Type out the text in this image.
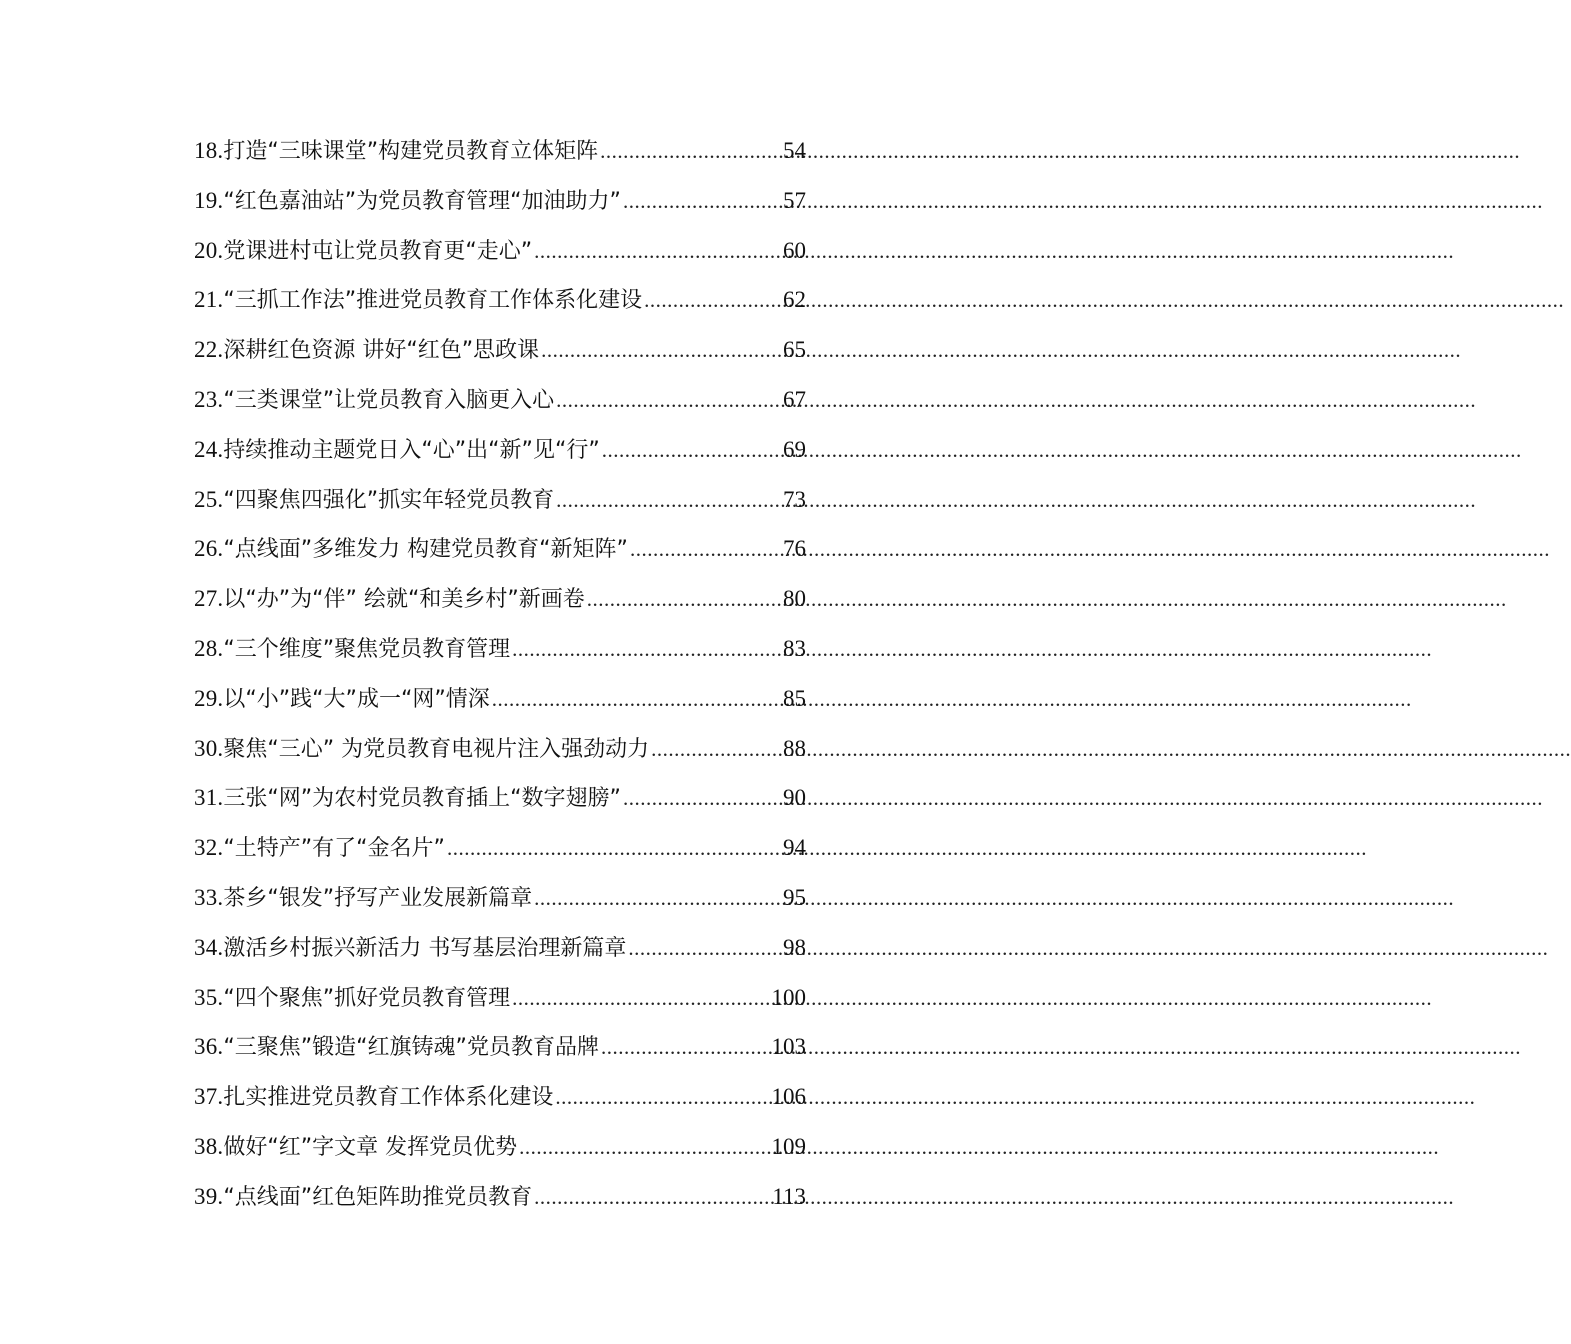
18. 打造“三味课堂”构建党员教育立体矩阵 .....	54
19. “红色嘉油站”为党员教育管理“加油助力” .....	57
20. 党课进村屯让党员教育更“走心” .....	60
21. “三抓工作法”推进党员教育工作体系化建设 .....	62
22. 深耕红色资源 讲好“红色”思政课 .....	65
23. “三类课堂”让党员教育入脑更入心 .....	67
24. 持续推动主题党日入“心”出“新”见“行” .....	69
25. “四聚焦四强化”抓实年轻党员教育 .....	73
26. “点线面”多维发力 构建党员教育“新矩阵” .....	76
27. 以“办”为“伴” 绘就“和美乡村”新画卷 .....	80
28. “三个维度”聚焦党员教育管理 .....	83
29. 以“小”践“大”成一“网”情深 .....	85
30. 聚焦“三心” 为党员教育电视片注入强劲动力 .....	88
31. 三张“网”为农村党员教育插上“数字翅膀” .....	90
32. “土特产”有了“金名片” .....	94
33. 茶乡“银发”抒写产业发展新篇章 .....	95
34. 激活乡村振兴新活力 书写基层治理新篇章 .....	98
35. “四个聚焦”抓好党员教育管理 .....	100
36. “三聚焦”锻造“红旗铸魂”党员教育品牌 .....	103
37. 扎实推进党员教育工作体系化建设 .....	106
38. 做好“红”字文章 发挥党员优势 .....	109
39. “点线面”红色矩阵助推党员教育 .....	113
